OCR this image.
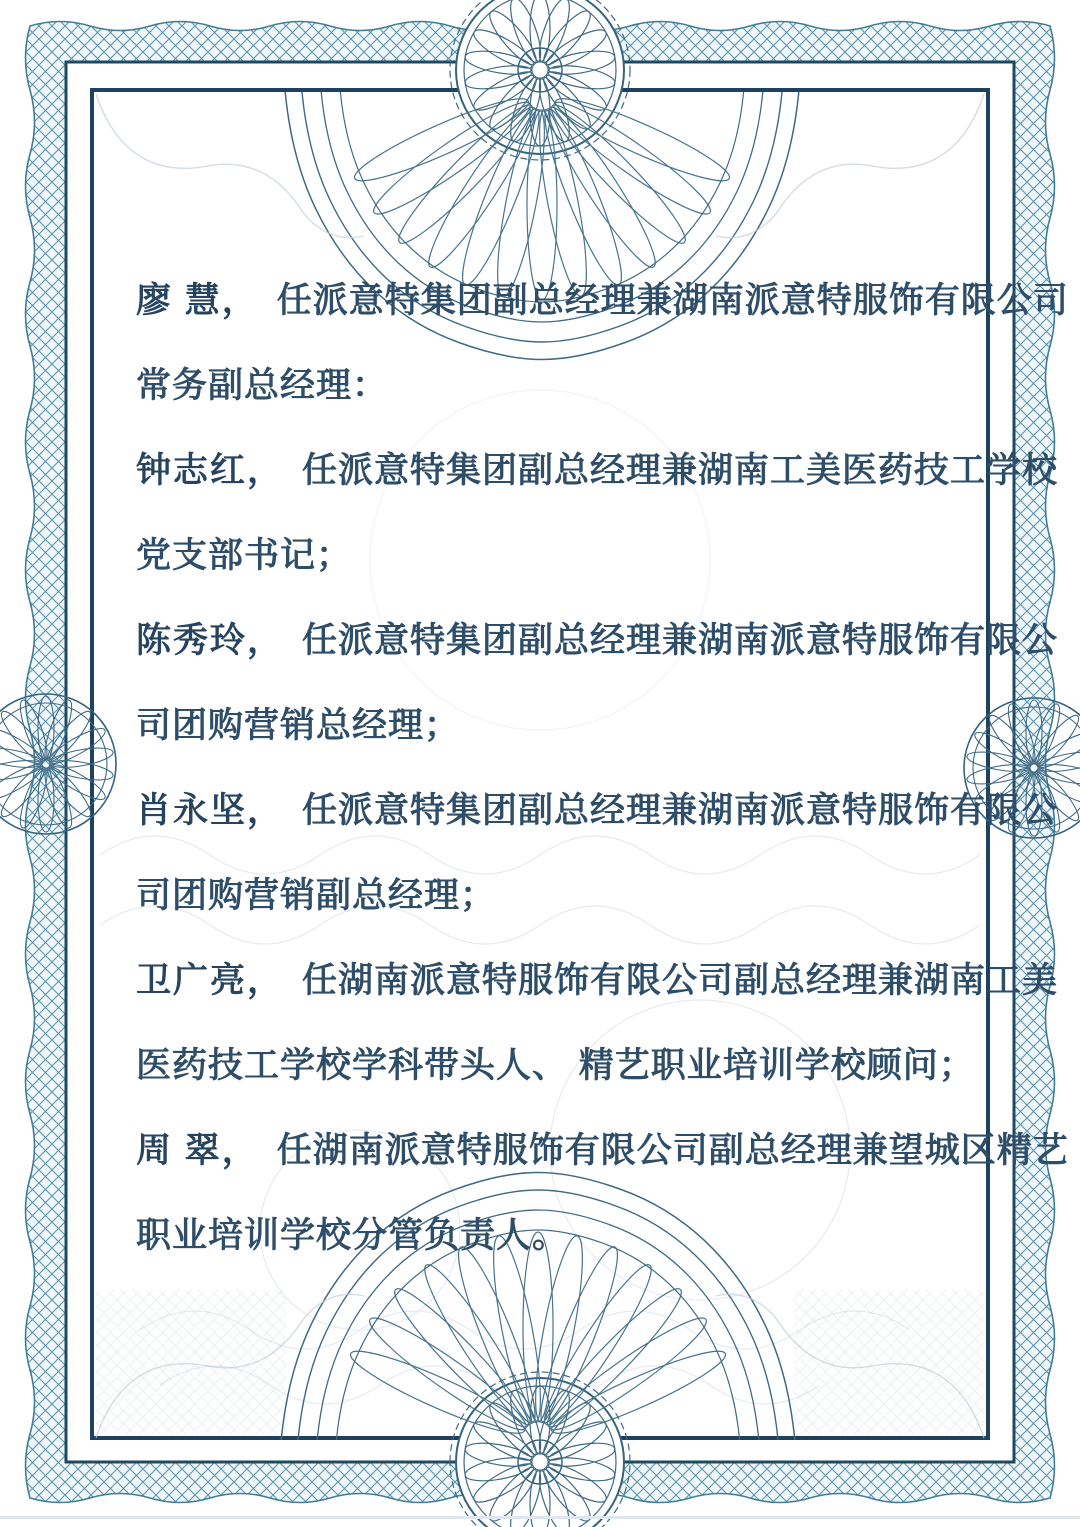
廖 慧， 任派意特集团副总经理兼湖南派意特服饰有限公司
常务副总经理：
钟志红， 任派意特集团副总经理兼湖南工美医药技工学校
党支部书记；
陈秀玲， 任派意特集团副总经理兼湖南派意特服饰有限公
司团购营销总经理；
肖永坚， 任派意特集团副总经理兼湖南派意特服饰有限公
司团购营销副总经理；
卫广亮， 任湖南派意特服饰有限公司副总经理兼湖南工美
医药技工学校学科带头人、 精艺职业培训学校顾问；
周 翠， 任湖南派意特服饰有限公司副总经理兼望城区精艺
职业培训学校分管负责人。
